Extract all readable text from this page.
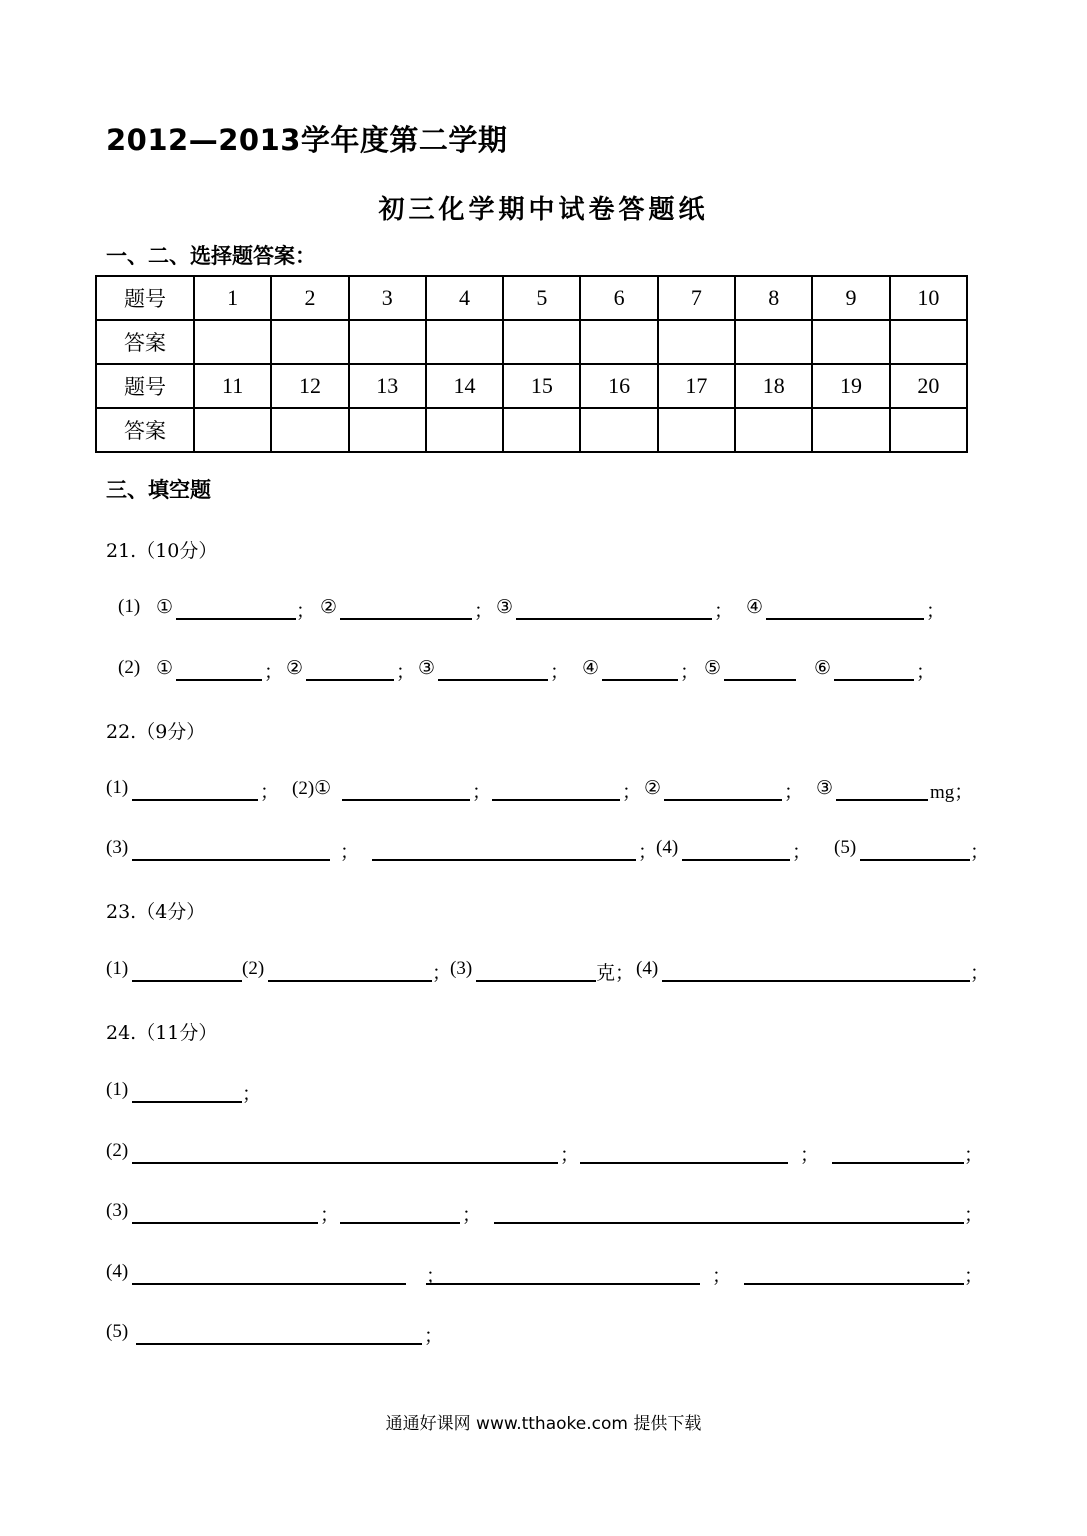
2012—2013学年度第二学期
初三化学期中试卷答题纸
一、二、选择题答案：
题号	1	2	3	4	5	6	7	8	9	10
答案										
题号	11	12	13	14	15	16	17	18	19	20
答案										
三、填空题
21.（10分）
(1) ①	； ②	； ③	； ④	；
(2) ①	； ②	； ③	； ④	； ⑤	⑥	；
22.（9分）
(1)	； (2)①	；	； ②	； ③	mg；
(3)	；	；
(4)	； (5)	；
23.（4分）
(1)	(2)	；
(3)	克； (4)	；
24.（11分）
(1)	；
(2)	；	；	；
(3)	；	；	；
(4)	；	；	；
(5)	；
通通好课网 www.tthaoke.com 提供下载
